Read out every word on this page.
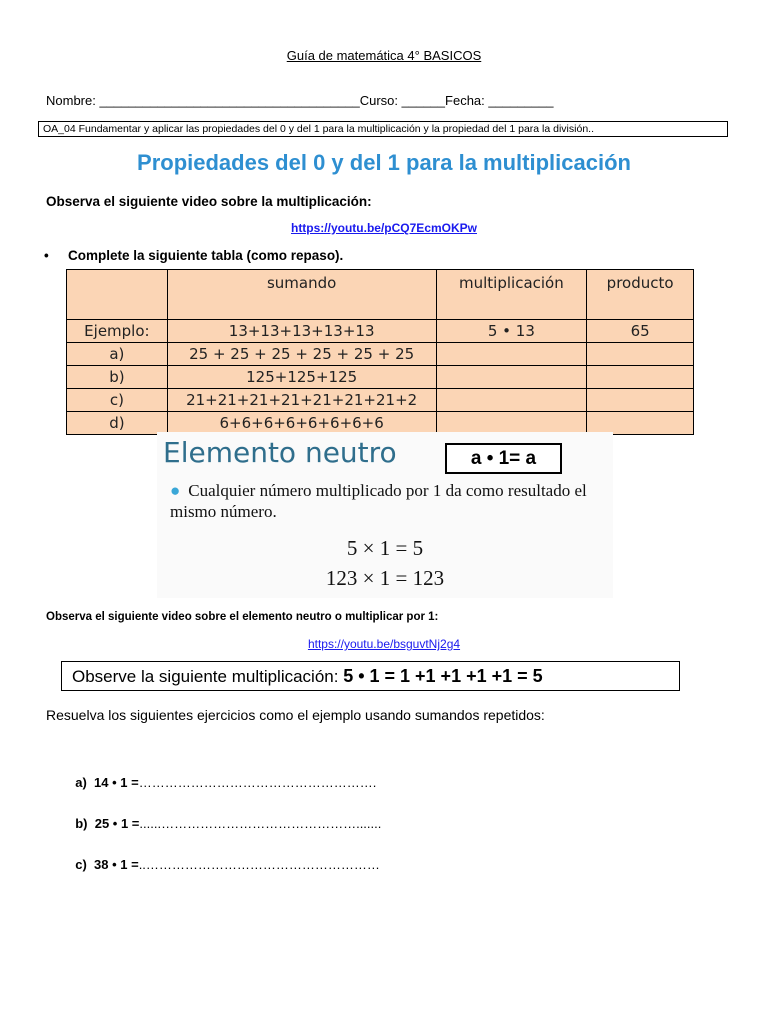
Guía de matemática 4° BASICOS
Nombre: ____________________________________Curso: ______Fecha: _________
OA_04 Fundamentar y aplicar las propiedades del 0 y del 1 para la multiplicación y la propiedad del 1 para la división..
Propiedades del 0 y del 1 para la multiplicación
Observa el siguiente video sobre la multiplicación:
https://youtu.be/pCQ7EcmOKPw
• Complete la siguiente tabla (como repaso).
	sumando	multiplicación	producto
Ejemplo:	13+13+13+13+13	5 • 13	65
a)	25 + 25 + 25 + 25 + 25 + 25		
b)	125+125+125		
c)	21+21+21+21+21+21+21+2		
d)	6+6+6+6+6+6+6+6		
Elemento neutro	a • 1= a
● Cualquier número multiplicado por 1 da como resultado el mismo número.
5 × 1 = 5
123 × 1 = 123
Observa el siguiente video sobre el elemento neutro o multiplicar por 1:
https://youtu.be/bsguvtNj2g4
Observe la siguiente multiplicación: 5 • 1 = 1 +1 +1 +1 +1 = 5
Resuelva los siguientes ejercicios como el ejemplo usando sumandos repetidos:

a)  14 • 1 =……………………………………………….

b)  25 • 1 =......……………………………………….......

c)  38 • 1 =..………………………………………………
